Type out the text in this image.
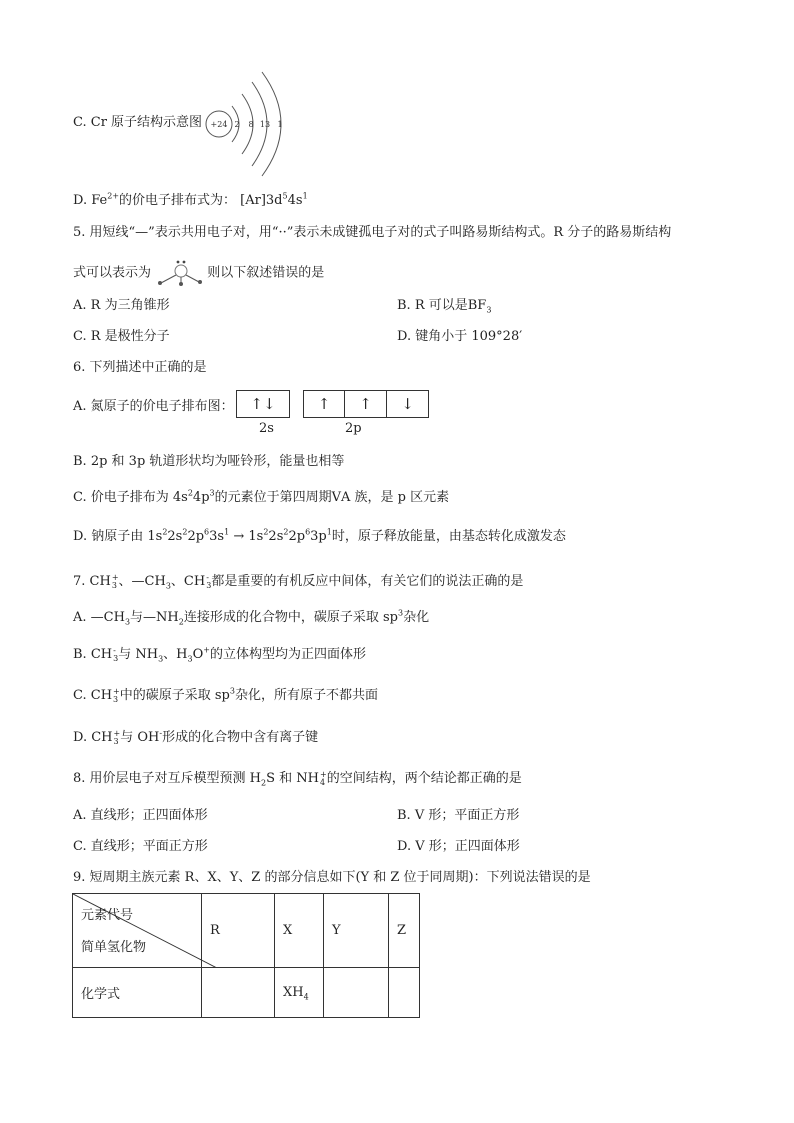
C. Cr 原子结构示意图 +24 2 8 13 1
D. $Fe^{2+}$的价电子排布式为： $[Ar]3d^54s^1$
5. 用短线“—”表示共用电子对，用“··”表示未成键孤电子对的式子叫路易斯结构式。R 分子的路易斯结构
式可以表示为	则以下叙述错误的是
A. R 为三角锥形	B. R 可以是$BF_3$
C. R 是极性分子	D. 键角小于 109°28′
6. 下列描述中正确的是
A. 氮原子的价电子排布图：	↑↓	↑ ↑ ↓
2s	2p
B. 2p 和 3p 轨道形状均为哑铃形，能量也相等
C. 价电子排布为 $4s^24p^3$的元素位于第四周期ⅤA 族，是 p 区元素
D. 钠原子由 $1s^22s^22p^63s^1 \to 1s^22s^22p^63p^1$时，原子释放能量，由基态转化成激发态
7. CH +
3 、$—CH_3$、CH -
3 都是重要的有机反应中间体，有关它们的说法正确的是
A. $—CH_3$与$—NH_2$连接形成的化合物中，碳原子采取 $sp^3$杂化
B. CH -
3 与 $NH_3$、$H_3O^+$的立体构型均为正四面体形
C. CH +
3 中的碳原子采取 $sp^3$杂化，所有原子不都共面
D. CH +
3 与 OH-形成的化合物中含有离子键
8. 用价层电子对互斥模型预测 $H_2S$ 和 NH +
4 的空间结构，两个结论都正确的是
A. 直线形；正四面体形	B. V 形；平面正方形
C. 直线形；平面正方形	D. V 形；正四面体形
9. 短周期主族元素 R、X、Y、Z 的部分信息如下(Y 和 Z 位于同周期)：下列说法错误的是
元素代号
简单氢化物	R	X	Y	Z
化学式		$XH_4$		
